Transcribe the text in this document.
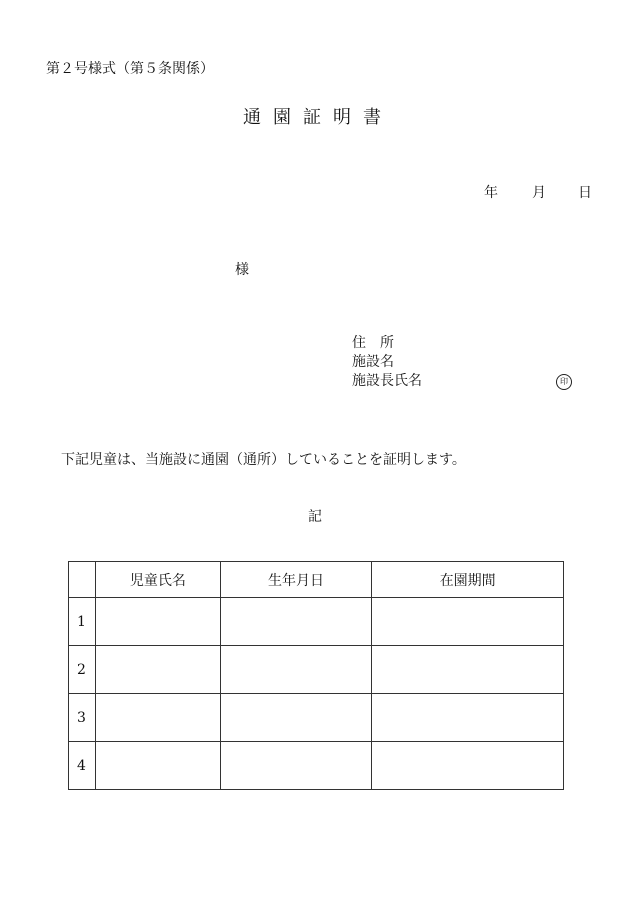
第２号様式（第５条関係）
通園証明書
年 月 日
様
住　所
施設名
施設長氏名	印
下記児童は、当施設に通園（通所）していることを証明します。
記
	児童氏名	生年月日	在園期間
1			
2			
3			
4			
